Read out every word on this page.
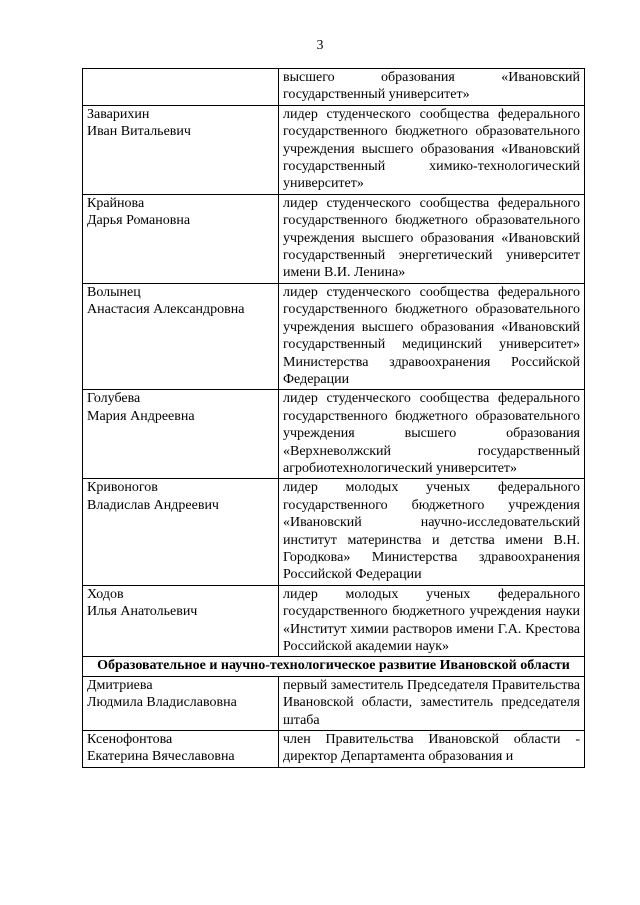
3
	высшего образования «Ивановский государственный университет»
Заварихин
Иван Витальевич	лидер студенческого сообщества федерального государственного бюджетного образовательного учреждения высшего образования «Ивановский государственный химико-технологический университет»
Крайнова
Дарья Романовна	лидер студенческого сообщества федерального государственного бюджетного образовательного учреждения высшего образования «Ивановский государственный энергетический университет имени В.И. Ленина»
Волынец
Анастасия Александровна	лидер студенческого сообщества федерального государственного бюджетного образовательного учреждения высшего образования «Ивановский государственный медицинский университет» Министерства здравоохранения Российской Федерации
Голубева
Мария Андреевна	лидер студенческого сообщества федерального государственного бюджетного образовательного учреждения высшего образования «Верхневолжский государственный агробиотехнологический университет»
Кривоногов
Владислав Андреевич	лидер молодых ученых федерального государственного бюджетного учреждения «Ивановский научно-исследовательский институт материнства и детства имени В.Н. Городкова» Министерства здравоохранения Российской Федерации
Ходов
Илья Анатольевич	лидер молодых ученых федерального государственного бюджетного учреждения науки «Институт химии растворов имени Г.А. Крестова Российской академии наук»
Образовательное и научно-технологическое развитие Ивановской области	
Дмитриева
Людмила Владиславовна	первый заместитель Председателя Правительства Ивановской области, заместитель председателя штаба
Ксенофонтова
Екатерина Вячеславовна	член Правительства Ивановской области - директор Департамента образования и
